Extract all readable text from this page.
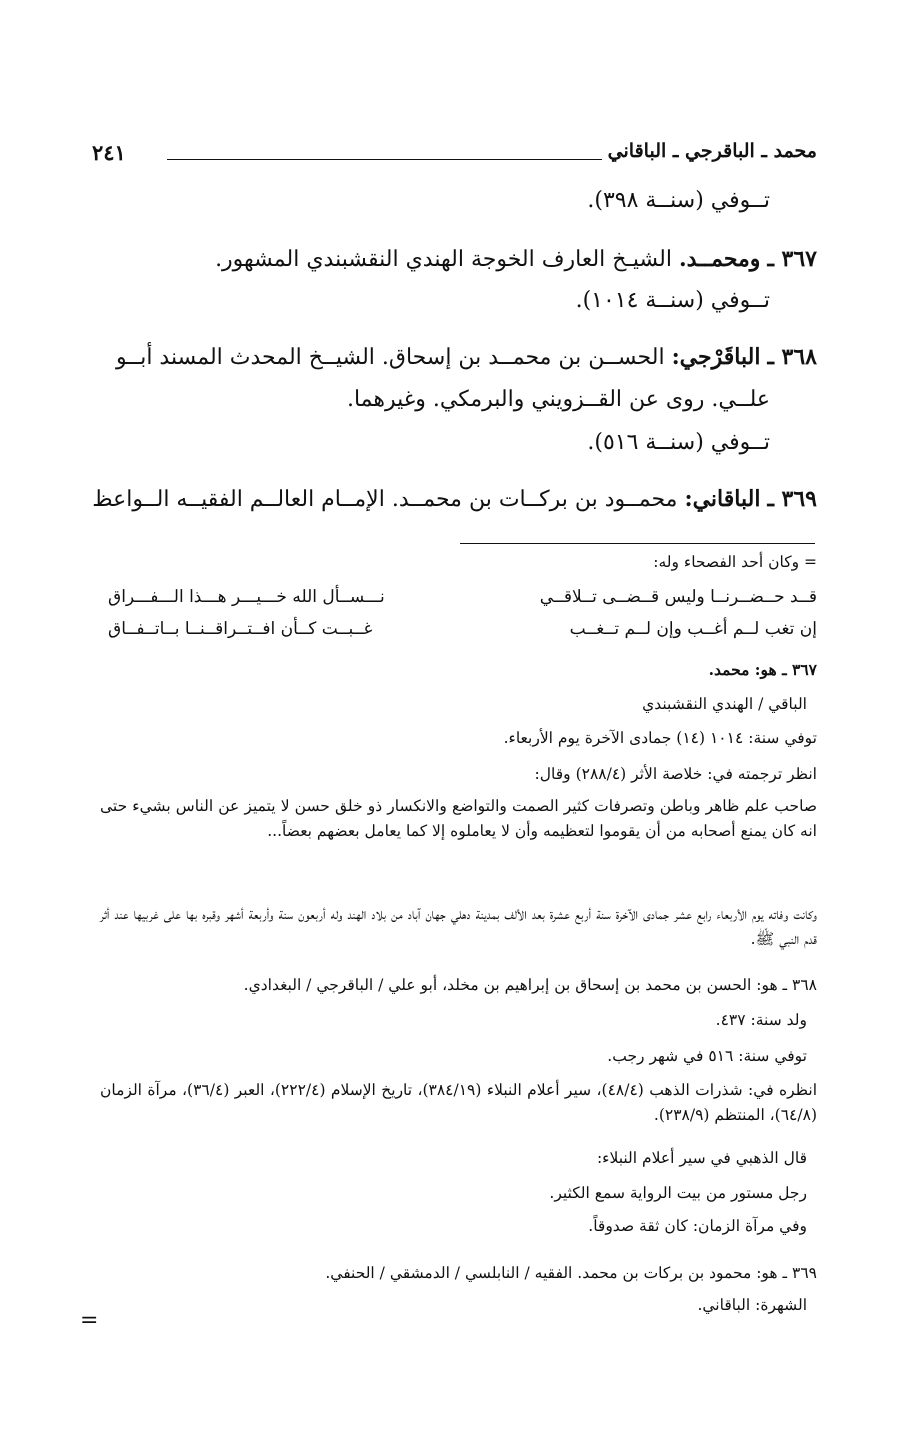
محمد ـ الباقرجي ـ الباقاني
٢٤١
تــوفي (سنــة ٣٩٨).
٣٦٧ ـ ومحمــد. الشيـخ العارف الخوجة الهندي النقشبندي المشهور.
تــوفي (سنــة ١٠١٤).
٣٦٨ ـ الباقَرْجي: الحســن بن محمــد بن إسحاق. الشيــخ المحدث المسند أبــو
علــي. روى عن القــزويني والبرمكي. وغيرهما.
تــوفي (سنــة ٥١٦).
٣٦٩ ـ الباقاني: محمــود بن بركــات بن محمــد. الإمــام العالــم الفقيــه الــواعظ
= وكان أحد الفصحاء وله:
قــد حــضــرنــا وليس قــضــى تــلاقــي
نـــســأل الله خـــيـــر هـــذا الـــفـــراق
إن تغب لــم أغــب وإن لــم تــغــب
غــبــت كــأن افــتــراقــنــا بــاتــفــاق
٣٦٧ ـ هو: محمد.
الباقي / الهندي النقشبندي
توفي سنة: ١٠١٤ (١٤) جمادى الآخرة يوم الأربعاء.
انظر ترجمته في: خلاصة الأثر (٢٨٨/٤) وقال:
صاحب علم ظاهر وباطن وتصرفات كثير الصمت والتواضع والانكسار ذو خلق حسن لا يتميز عن الناس بشيء حتى انه كان يمنع أصحابه من أن يقوموا لتعظيمه وأن لا يعاملوه إلا كما يعامل بعضهم بعضاً...
وكانت وفاته يوم الأربعاء رابع عشر جمادى الآخرة سنة أربع عشرة بعد الألف بمدينة دهلي جهان آباد من بلاد الهند وله أربعون سنة وأربعة أشهر وقبره بها على غربيها عند أثر قدم النبي ﷺ.
٣٦٨ ـ هو: الحسن بن محمد بن إسحاق بن إبراهيم بن مخلد، أبو علي / الباقرجي / البغدادي.
ولد سنة: ٤٣٧.
توفي سنة: ٥١٦ في شهر رجب.
انظره في: شذرات الذهب (٤٨/٤)، سير أعلام النبلاء (٣٨٤/١٩)، تاريخ الإسلام (٢٢٢/٤)، العبر (٣٦/٤)، مرآة الزمان (٦٤/٨)، المنتظم (٢٣٨/٩).
قال الذهبي في سير أعلام النبلاء:
رجل مستور من بيت الرواية سمع الكثير.
وفي مرآة الزمان: كان ثقة صدوقاً.
٣٦٩ ـ هو: محمود بن بركات بن محمد. الفقيه / النابلسي / الدمشقي / الحنفي.
الشهرة: الباقاني.
=
